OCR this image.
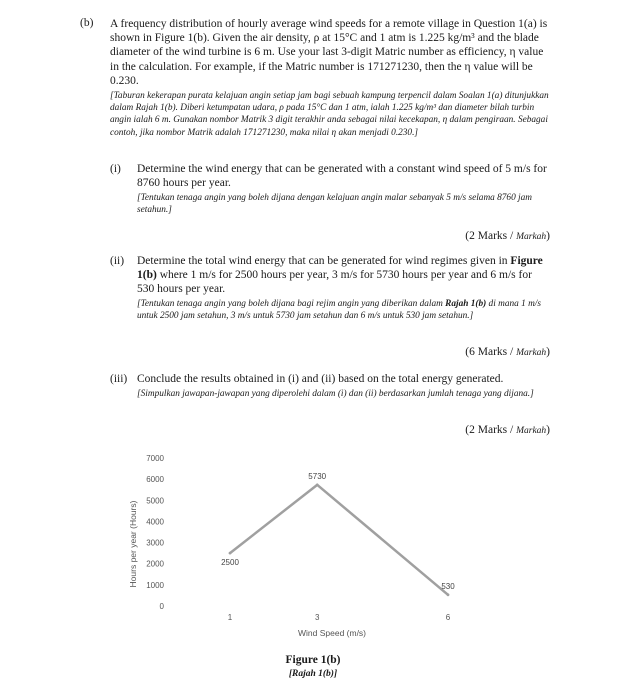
(b) A frequency distribution of hourly average wind speeds for a remote village in Question 1(a) is shown in Figure 1(b). Given the air density, ρ at 15°C and 1 atm is 1.225 kg/m³ and the blade diameter of the wind turbine is 6 m. Use your last 3-digit Matric number as efficiency, η value in the calculation. For example, if the Matric number is 171271230, then the η value will be 0.230.
[Taburan kekerapan purata kelajuan angin setiap jam bagi sebuah kampung terpencil dalam Soalan 1(a) ditunjukkan dalam Rajah 1(b). Diberi ketumpatan udara, ρ pada 15°C dan 1 atm, ialah 1.225 kg/m³ dan diameter bilah turbin angin ialah 6 m. Gunakan nombor Matrik 3 digit terakhir anda sebagai nilai kecekapan, η dalam pengiraan. Sebagai contoh, jika nombor Matrik adalah 171271230, maka nilai η akan menjadi 0.230.]
(i) Determine the wind energy that can be generated with a constant wind speed of 5 m/s for 8760 hours per year.
[Tentukan tenaga angin yang boleh dijana dengan kelajuan angin malar sebanyak 5 m/s selama 8760 jam setahun.]
(2 Marks / Markah)
(ii) Determine the total wind energy that can be generated for wind regimes given in Figure 1(b) where 1 m/s for 2500 hours per year, 3 m/s for 5730 hours per year and 6 m/s for 530 hours per year.
[Tentukan tenaga angin yang boleh dijana bagi rejim angin yang diberikan dalam Rajah 1(b) di mana 1 m/s untuk 2500 jam setahun, 3 m/s untuk 5730 jam setahun dan 6 m/s untuk 530 jam setahun.]
(6 Marks / Markah)
(iii) Conclude the results obtained in (i) and (ii) based on the total energy generated.
[Simpulkan jawapan-jawapan yang diperolehi dalam (i) dan (ii) berdasarkan jumlah tenaga yang dijana.]
(2 Marks / Markah)
Hours per year (Hours)
0
1000
2000
3000
4000
5000
6000
7000
1	3	6
2500
5730
530
Wind Speed (m/s)
Figure 1(b)
[Rajah 1(b)]
